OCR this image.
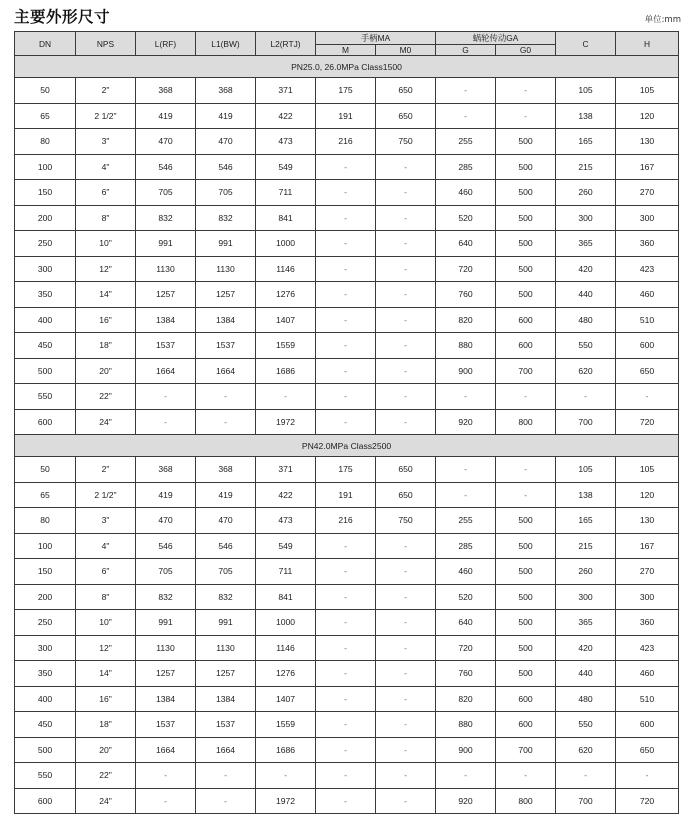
主要外形尺寸	单位:mm
DN	NPS	L(RF)	L1(BW)	L2(RTJ)	手柄MA		蜗轮传动GA		C	H
					M	M0	G	G0		
PN25.0, 26.0MPa Class1500										
50	2"	368	368	371	175	650	-	-	105	105
65	2 1/2"	419	419	422	191	650	-	-	138	120
80	3"	470	470	473	216	750	255	500	165	130
100	4"	546	546	549	-	-	285	500	215	167
150	6"	705	705	711	-	-	460	500	260	270
200	8"	832	832	841	-	-	520	500	300	300
250	10"	991	991	1000	-	-	640	500	365	360
300	12"	1130	1130	1146	-	-	720	500	420	423
350	14"	1257	1257	1276	-	-	760	500	440	460
400	16"	1384	1384	1407	-	-	820	600	480	510
450	18"	1537	1537	1559	-	-	880	600	550	600
500	20"	1664	1664	1686	-	-	900	700	620	650
550	22"	-	-	-	-	-	-	-	-	-
600	24"	-	-	1972	-	-	920	800	700	720
PN42.0MPa Class2500										
50	2"	368	368	371	175	650	-	-	105	105
65	2 1/2"	419	419	422	191	650	-	-	138	120
80	3"	470	470	473	216	750	255	500	165	130
100	4"	546	546	549	-	-	285	500	215	167
150	6"	705	705	711	-	-	460	500	260	270
200	8"	832	832	841	-	-	520	500	300	300
250	10"	991	991	1000	-	-	640	500	365	360
300	12"	1130	1130	1146	-	-	720	500	420	423
350	14"	1257	1257	1276	-	-	760	500	440	460
400	16"	1384	1384	1407	-	-	820	600	480	510
450	18"	1537	1537	1559	-	-	880	600	550	600
500	20"	1664	1664	1686	-	-	900	700	620	650
550	22"	-	-	-	-	-	-	-	-	-
600	24"	-	-	1972	-	-	920	800	700	720
